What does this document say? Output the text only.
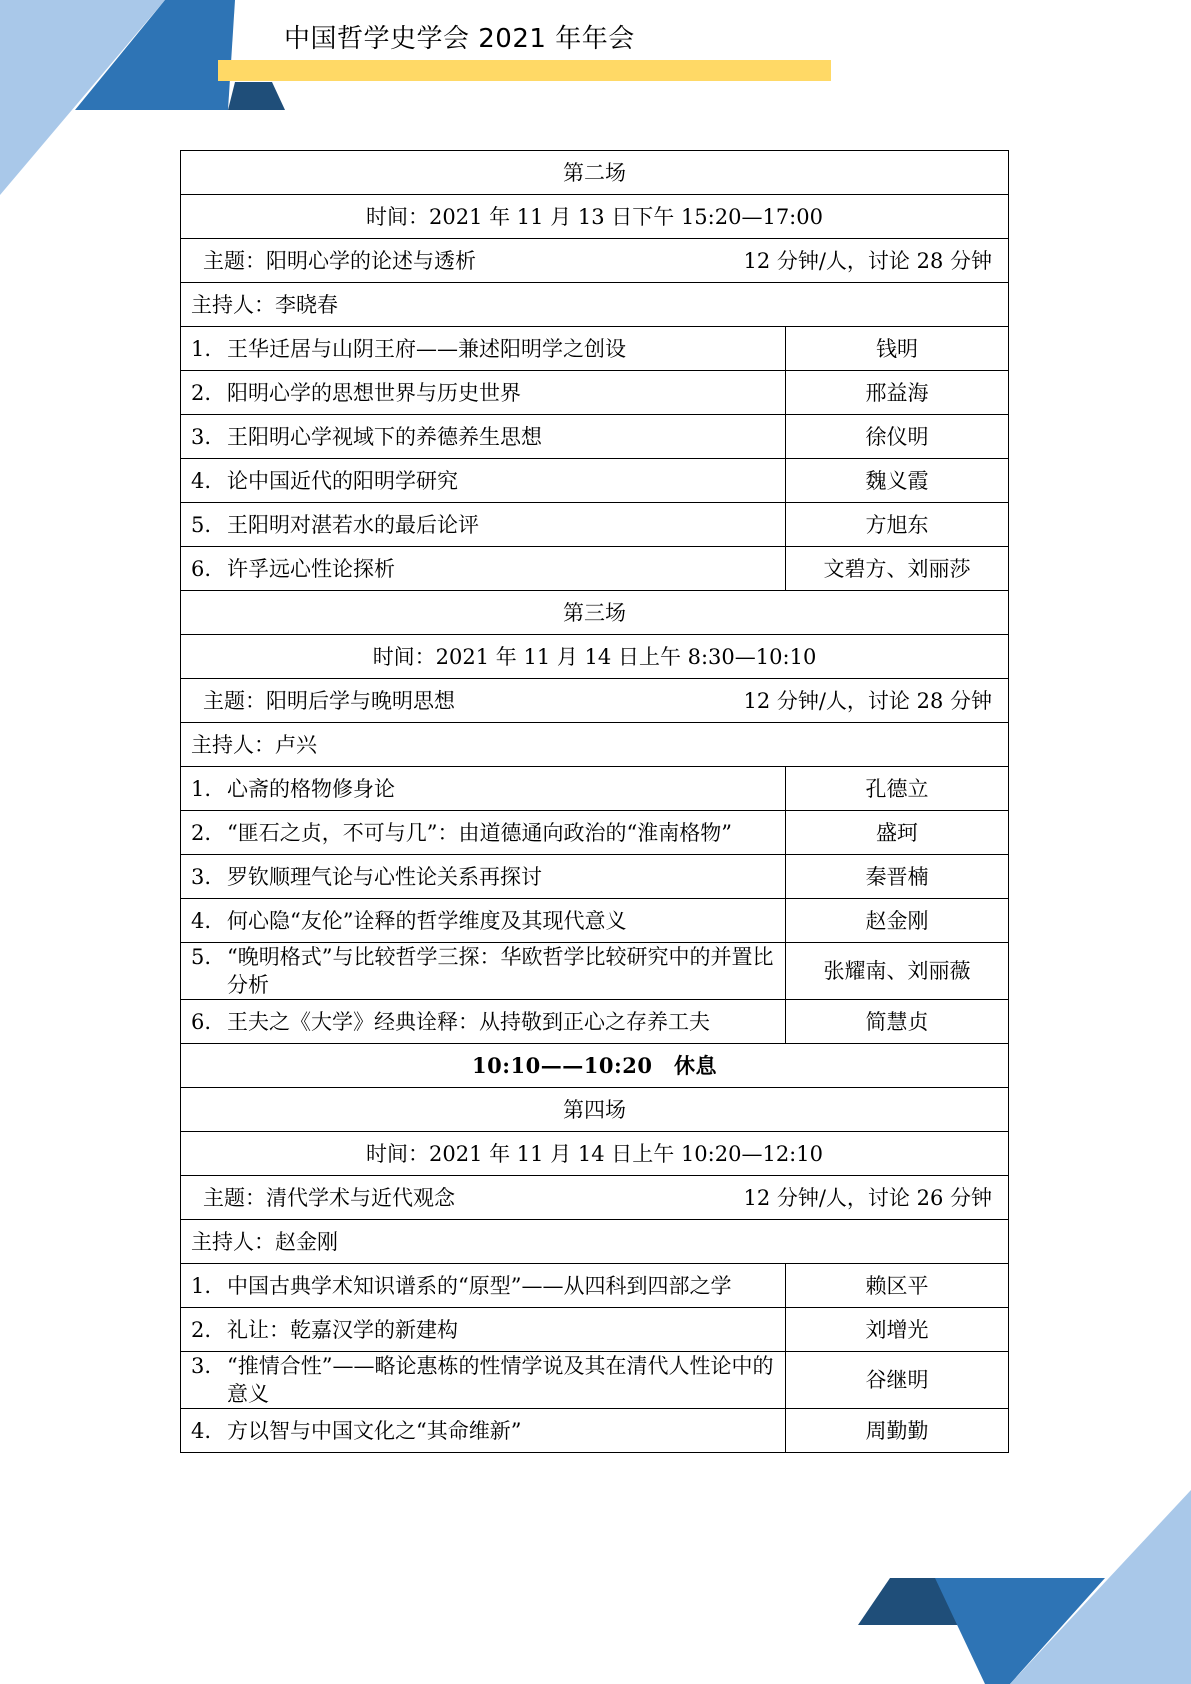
中国哲学史学会 2021 年年会
第二场	
时间：2021 年 11 月 13 日下午 15:20—17:00	

主题：阳明心学的论述与透析 12 分钟/人，讨论 28 分钟	

主持人：李晓春	

1. 王华迁居与山阴王府——兼述阳明学之创设	钱明

2. 阳明心学的思想世界与历史世界	邢益海

3. 王阳明心学视域下的养德养生思想	徐仪明

4. 论中国近代的阳明学研究	魏义霞

5. 王阳明对湛若水的最后论评	方旭东

6. 许孚远心性论探析	文碧方、刘丽莎
第三场	
时间：2021 年 11 月 14 日上午 8:30—10:10	

主题：阳明后学与晚明思想 12 分钟/人，讨论 28 分钟	

主持人：卢兴	

1. 心斋的格物修身论	孔德立

2. “匪石之贞，不可与几”：由道德通向政治的“淮南格物”	盛珂

3. 罗钦顺理气论与心性论关系再探讨	秦晋楠

4. 何心隐“友伦”诠释的哲学维度及其现代意义	赵金刚

5. “晚明格式”与比较哲学三探：华欧哲学比较研究中的并置比分析	张耀南、刘丽薇

6. 王夫之《大学》经典诠释：从持敬到正心之存养工夫	简慧贞
10:10——10:20　休息	
第四场	
时间：2021 年 11 月 14 日上午 10:20—12:10	

主题：清代学术与近代观念 12 分钟/人，讨论 26 分钟	

主持人：赵金刚	

1. 中国古典学术知识谱系的“原型”——从四科到四部之学	赖区平

2. 礼让：乾嘉汉学的新建构	刘增光

3. “推情合性”——略论惠栋的性情学说及其在清代人性论中的意义	谷继明

4. 方以智与中国文化之“其命维新”	周勤勤
